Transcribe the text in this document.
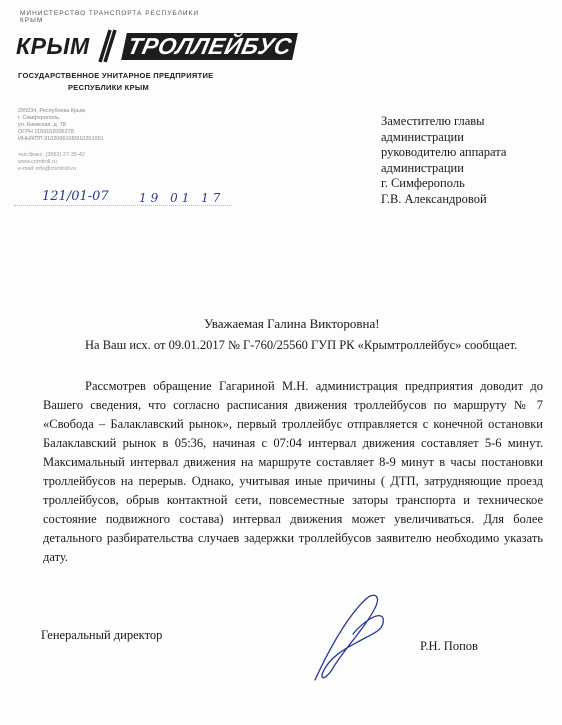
МИНИСТЕРСТВО ТРАНСПОРТА РЕСПУБЛИКИ КРЫМ
КРЫМ ТРОЛЛЕЙБУС
ГОСУДАРСТВЕННОЕ УНИТАРНОЕ ПРЕДПРИЯТИЕ
РЕСПУБЛИКИ КРЫМ
295034, Республика Крым,
г. Симферополь,
ул. Киевская, д. 78
ОГРН 1159102005278
ИНН/КПП 9102066108/910201001
тел./факс: (3652) 27-35-42
www.crimtroll.ru
e-mail: info@crimtroll.ru
121/01-07	19 01 17
Заместителю главы
администрации
руководителю аппарата
администрации
г. Симферополь
Г.В. Александровой
Уважаемая Галина Викторовна!
На Ваш исх. от 09.01.2017 № Г-760/25560 ГУП РК «Крымтроллейбус» сообщает.
Рассмотрев обращение Гагариной М.Н. администрация предприятия доводит до Вашего сведения, что согласно расписания движения троллейбусов по маршруту № 7 «Свобода – Балаклавский рынок», первый троллейбус отправляется с конечной остановки Балаклавский рынок в 05:36, начиная с 07:04 интервал движения составляет 5-6 минут. Максимальный интервал движения на маршруте составляет 8-9 минут в часы постановки троллейбусов на перерыв. Однако, учитывая иные причины ( ДТП, затрудняющие проезд троллейбусов, обрыв контактной сети, повсеместные заторы транспорта и техническое состояние подвижного состава) интервал движения может увеличиваться. Для более детального разбирательства случаев задержки троллейбусов заявителю необходимо указать дату.
Генеральный директор
Р.Н. Попов
